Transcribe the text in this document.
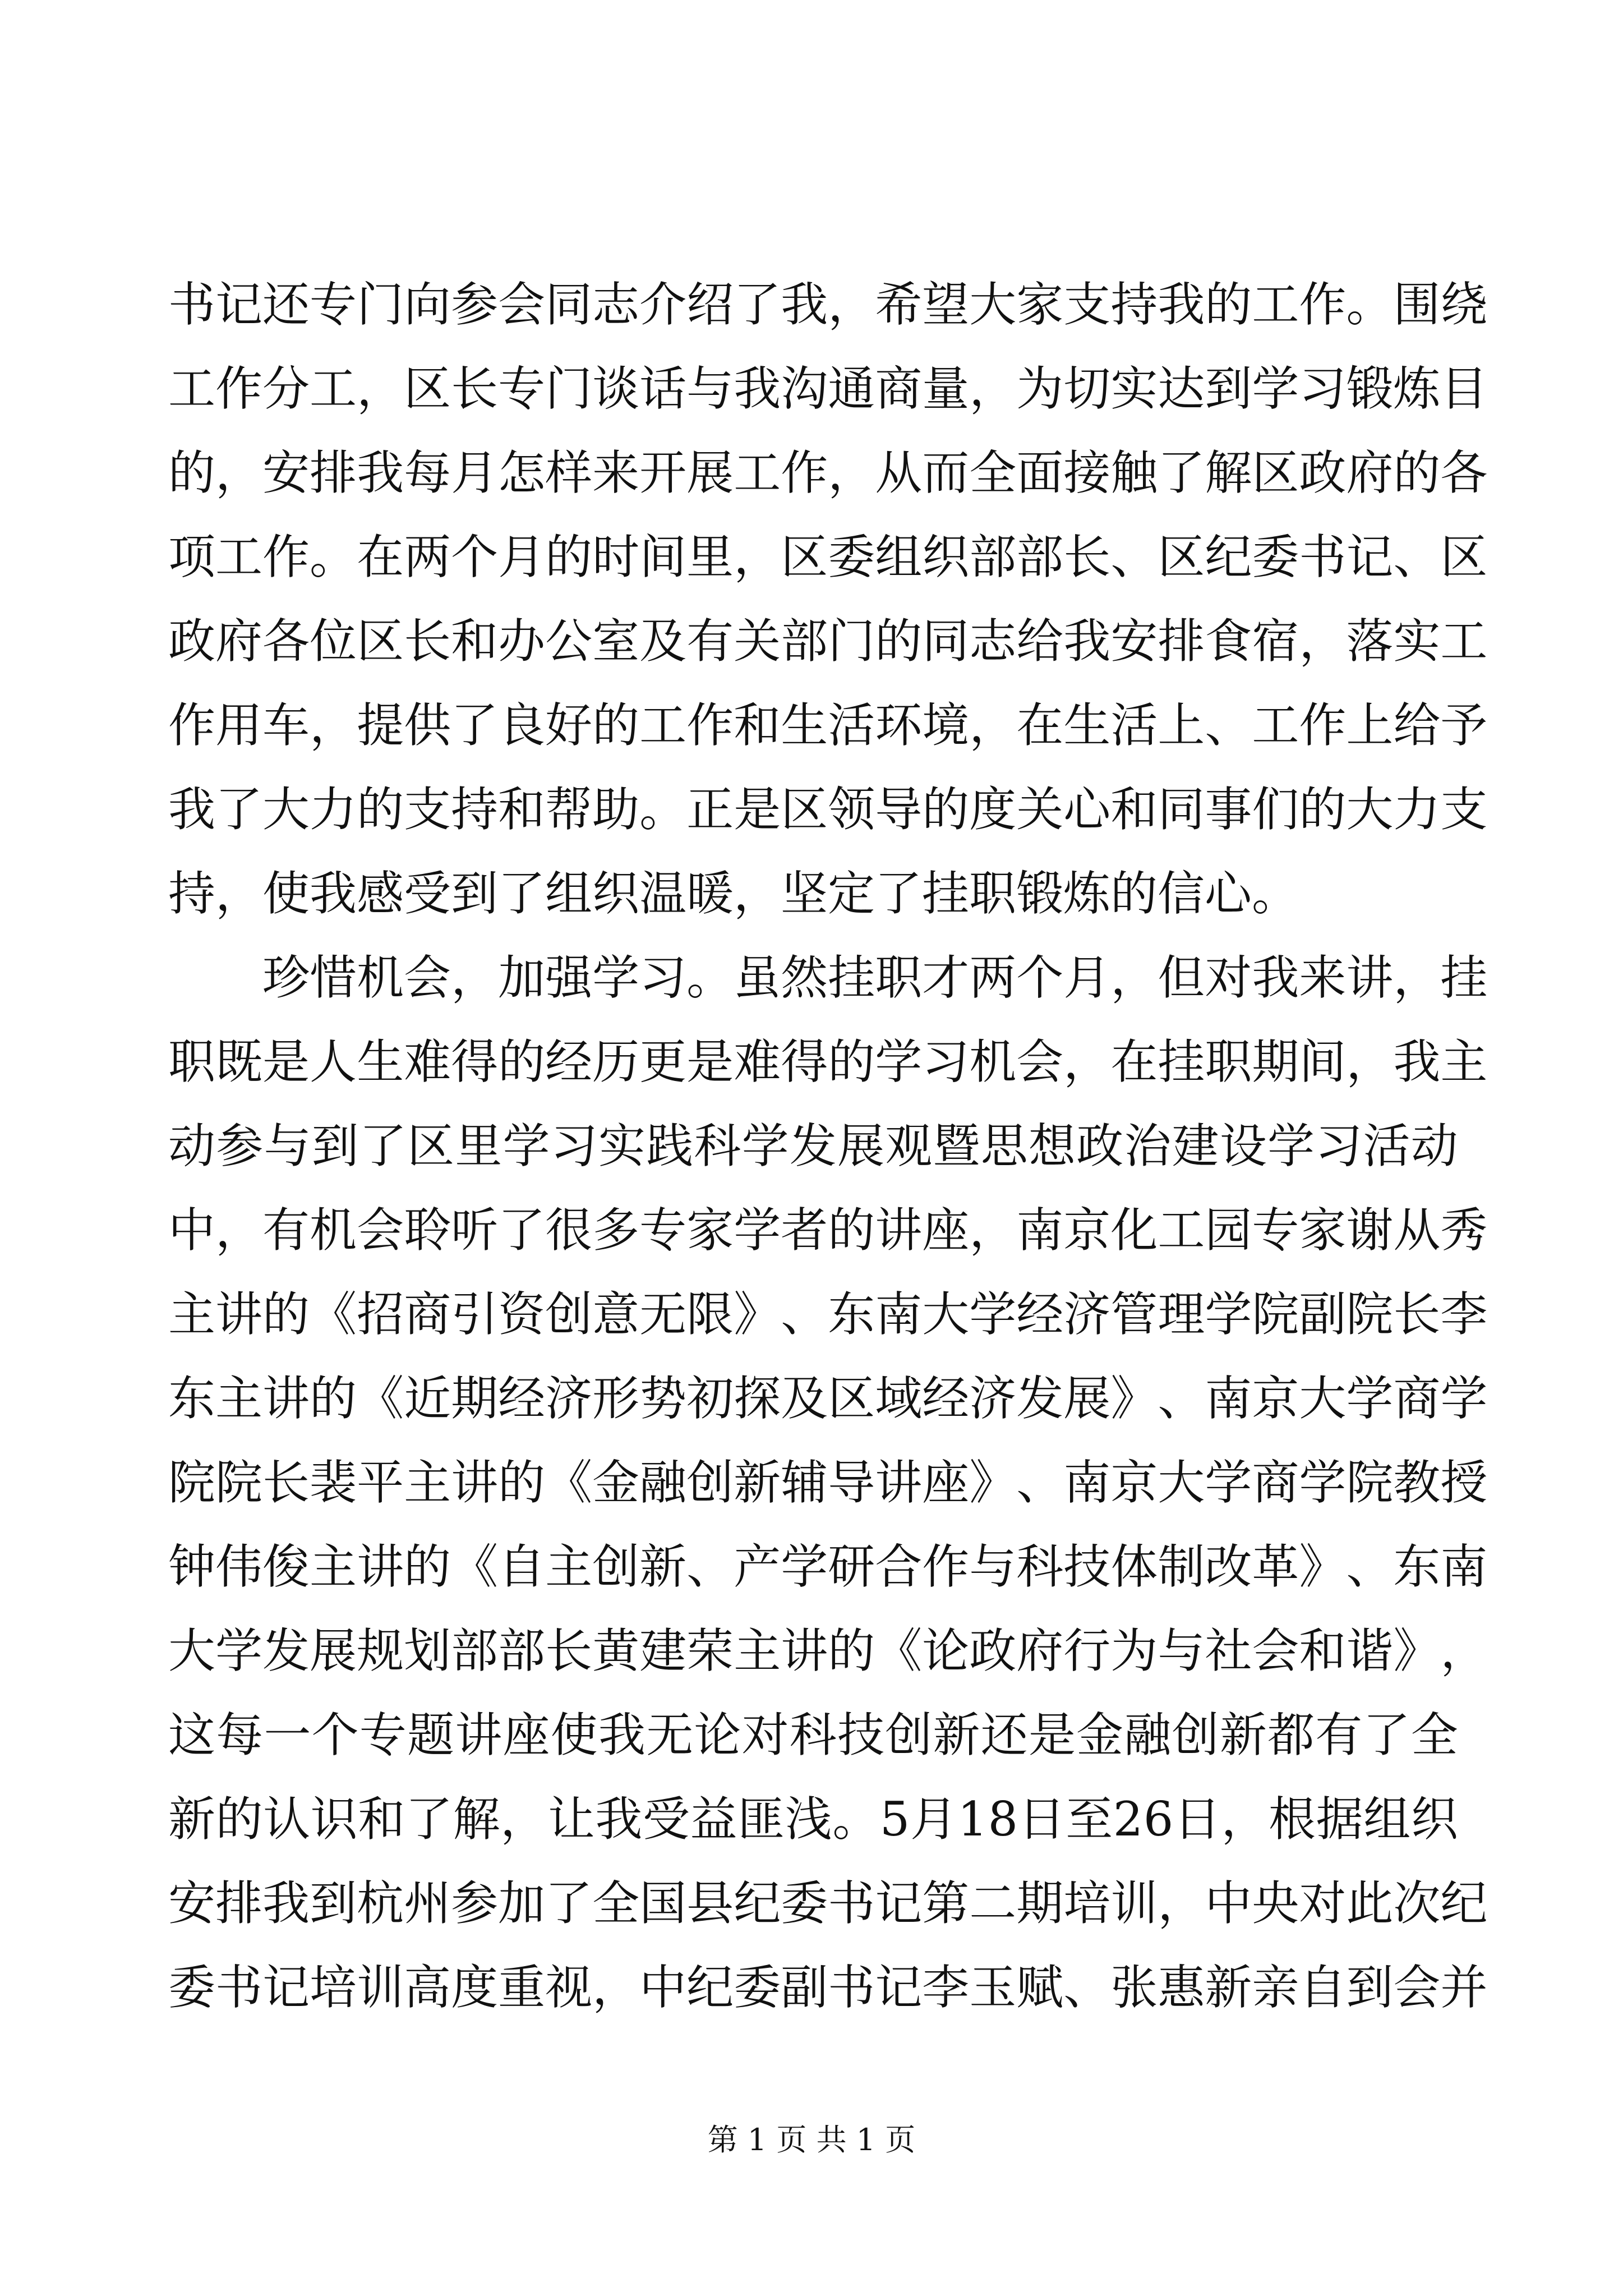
书 记 还 专 门 向 参 会 同 志 介 绍 了 我 ， 希 望 大 家 支 持 我 的 工 作 。 围 绕
工 作 分 工 ， 区 长 专 门 谈 话 与 我 沟 通 商 量 ， 为 切 实 达 到 学 习 锻 炼 目
的 ， 安 排 我 每 月 怎 样 来 开 展 工 作 ， 从 而 全 面 接 触 了 解 区 政 府 的 各
项 工 作 。 在 两 个 月 的 时 间 里 ， 区 委 组 织 部 部 长 、 区 纪 委 书 记 、 区
政 府 各 位 区 长 和 办 公 室 及 有 关 部 门 的 同 志 给 我 安 排 食 宿 ， 落 实 工
作 用 车 ， 提 供 了 良 好 的 工 作 和 生 活 环 境 ， 在 生 活 上 、 工 作 上 给 予
我 了 大 力 的 支 持 和 帮 助 。 正 是 区 领 导 的 度 关 心 和 同 事 们 的 大 力 支
持，使我感受到了组织温暖，坚定了挂职锻炼的信心。
珍 惜 机 会 ， 加 强 学 习 。 虽 然 挂 职 才 两 个 月 ， 但 对 我 来 讲 ， 挂
职 既 是 人 生 难 得 的 经 历 更 是 难 得 的 学 习 机 会 ， 在 挂 职 期 间 ， 我 主
动 参 与 到 了 区 里 学 习 实 践 科 学 发 展 观 暨 思 想 政 治 建 设 学 习 活 动
中 ， 有 机 会 聆 听 了 很 多 专 家 学 者 的 讲 座 ， 南 京 化 工 园 专 家 谢 从 秀
主 讲 的 《 招 商 引 资 创 意 无 限 》 、 东 南 大 学 经 济 管 理 学 院 副 院 长 李
东 主 讲 的 《 近 期 经 济 形 势 初 探 及 区 域 经 济 发 展 》 、 南 京 大 学 商 学
院 院 长 裴 平 主 讲 的 《 金 融 创 新 辅 导 讲 座 》 、 南 京 大 学 商 学 院 教 授
钟 伟 俊 主 讲 的 《 自 主 创 新 、 产 学 研 合 作 与 科 技 体 制 改 革 》 、 东 南
大 学 发 展 规 划 部 部 长 黄 建 荣 主 讲 的 《 论 政 府 行 为 与 社 会 和 谐 》 ，
这 每 一 个 专 题 讲 座 使 我 无 论 对 科 技 创 新 还 是 金 融 创 新 都 有 了 全
新 的 认 识 和 了 解 ， 让 我 受 益 匪 浅 。 5 月 1 8 日 至 2 6 日 ， 根 据 组 织
安 排 我 到 杭 州 参 加 了 全 国 县 纪 委 书 记 第 二 期 培 训 ， 中 央 对 此 次 纪
委 书 记 培 训 高 度 重 视 ， 中 纪 委 副 书 记 李 玉 赋 、 张 惠 新 亲 自 到 会 并
第 1 页 共 1 页
